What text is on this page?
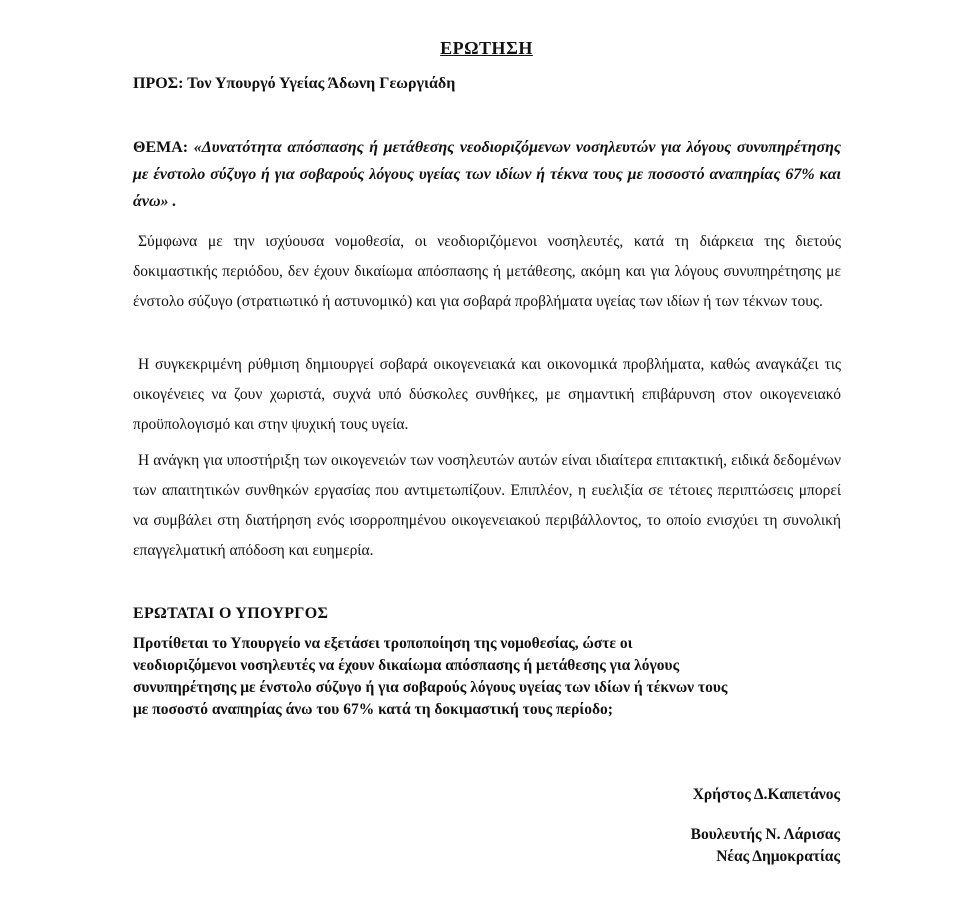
ΕΡΩΤΗΣΗ

ΠΡΟΣ: Τον Υπουργό Υγείας Άδωνη Γεωργιάδη

ΘΕΜΑ: «Δυνατότητα απόσπασης ή μετάθεσης νεοδιοριζόμενων νοσηλευτών για λόγους συνυπηρέτησης με ένστολο σύζυγο ή για σοβαρούς λόγους υγείας των ιδίων ή τέκνα τους με ποσοστό αναπηρίας 67% και άνω» .

Σύμφωνα με την ισχύουσα νομοθεσία, οι νεοδιοριζόμενοι νοσηλευτές, κατά τη διάρκεια της διετούς δοκιμαστικής περιόδου, δεν έχουν δικαίωμα απόσπασης ή μετάθεσης, ακόμη και για λόγους συνυπηρέτησης με ένστολο σύζυγο (στρατιωτικό ή αστυνομικό) και για σοβαρά προβλήματα υγείας των ιδίων ή των τέκνων τους.

Η συγκεκριμένη ρύθμιση δημιουργεί σοβαρά οικογενειακά και οικονομικά προβλήματα, καθώς αναγκάζει τις οικογένειες να ζουν χωριστά, συχνά υπό δύσκολες συνθήκες, με σημαντική επιβάρυνση στον οικογενειακό προϋπολογισμό και στην ψυχική τους υγεία.

Η ανάγκη για υποστήριξη των οικογενειών των νοσηλευτών αυτών είναι ιδιαίτερα επιτακτική, ειδικά δεδομένων των απαιτητικών συνθηκών εργασίας που αντιμετωπίζουν. Επιπλέον, η ευελιξία σε τέτοιες περιπτώσεις μπορεί να συμβάλει στη διατήρηση ενός ισορροπημένου οικογενειακού περιβάλλοντος, το οποίο ενισχύει τη συνολική επαγγελματική απόδοση και ευημερία.

ΕΡΩΤΑΤΑΙ Ο ΥΠΟΥΡΓΟΣ

Προτίθεται το Υπουργείο να εξετάσει τροποποίηση της νομοθεσίας, ώστε οι
νεοδιοριζόμενοι νοσηλευτές να έχουν δικαίωμα απόσπασης ή μετάθεσης για λόγους
συνυπηρέτησης με ένστολο σύζυγο ή για σοβαρούς λόγους υγείας των ιδίων ή τέκνων τους
με ποσοστό αναπηρίας άνω του 67% κατά τη δοκιμαστική τους περίοδο;

Χρήστος Δ.Καπετάνος

Βουλευτής Ν. Λάρισας

Νέας Δημοκρατίας
